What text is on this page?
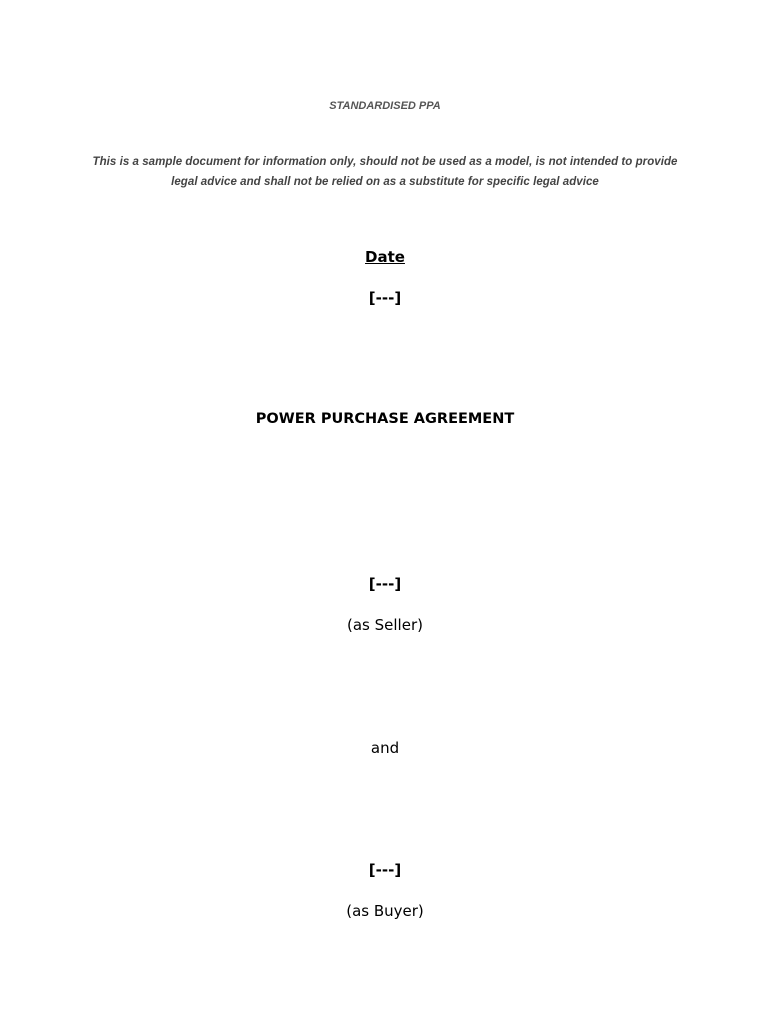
STANDARDISED PPA
This is a sample document for information only, should not be used as a model, is not intended to provide
legal advice and shall not be relied on as a substitute for specific legal advice
Date
[---]
POWER PURCHASE AGREEMENT
[---]
(as Seller)
and
[---]
(as Buyer)
